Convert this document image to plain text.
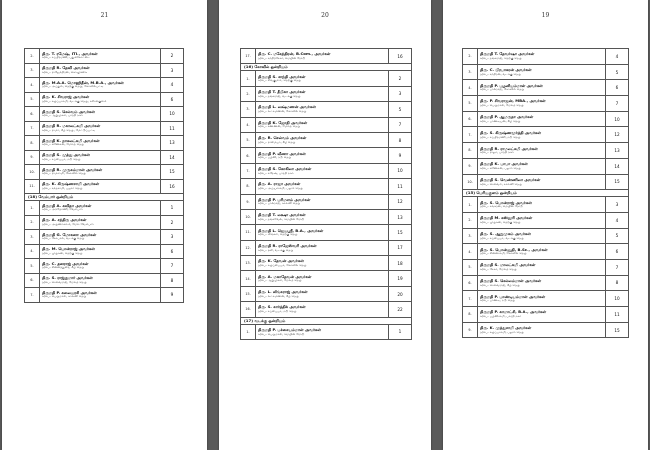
21
2.	திரு. T. ரமேஷ், ITI., அவர்கள்
க/பெ. சுப்பிரமணி, புதுக்கோட்டை	2
3.	திருமதி R. தேவி அவர்கள்
க/பெ. ராஜேந்திரன், கொழுக்கை	3
4.	திரு. M.A.A. மொஹிதீன், M.B.A., அவர்கள்
த/பெ. அப்துல், தெற்கு தெரு, கோவில்பட்டி	4
5.	திரு. K. சிவராஜ் அவர்கள்
த/பெ. கருப்பசாமி, வடக்கு தெரு, கரிசல்குளம்	6
6.	திருமதி S. செல்வம் அவர்கள்
க/பெ. ஆறுமுகம், பாரதி நகர்	10
7.	திருமதி R. மகாலட்சுமி அவர்கள்
க/பெ. ராமர், கீழ தெரு, மேட்டுப்பட்டி	11
8.	திருமதி K. நாகலட்சுமி அவர்கள்
க/பெ. கணேசன், மேலத் தெரு	13
9.	திருமதி S. முத்து அவர்கள்
க/பெ. சுப்பையா, நடு தெரு	14
10.	திருமதி R. முருகம்மாள் அவர்கள்
க/பெ. ராமசாமி, கோவில் தெரு	15
11.	திரு. K. கிருஷ்ணசாமி அவர்கள்
த/பெ. கந்தசாமி, பஜார் தெரு	16
(18) வேம்பார் ஒன்றியம்		
1.	திருமதி A. கவிதா அவர்கள்
க/பெ. அந்தோணி, வேம்பார்	1
2.	திரு. A. சந்திரு அவர்கள்
த/பெ. அருணாசலம், மேல வேம்பார்	2
3.	திருமதி G. மோகனா அவர்கள்
க/பெ. கோபால், வடக்கு தெரு	3
4.	திரு. M. பொன்ராஜ் அவர்கள்
த/பெ. முருகன், தெற்கு தெரு	6
5.	திரு. C. தனராஜ் அவர்கள்
த/பெ. சின்னத்துரை, கீழ தெரு	7
6.	திரு. S. ராஜ்குமார் அவர்கள்
த/பெ. செல்வராஜ், மேலத் தெரு	8
7.	திருமதி P. கலையரசி அவர்கள்
க/பெ. பெருமாள், காலனி தெரு	9
20
17.	திரு. C. மகேந்திரன், B.Com., அவர்கள்
த/பெ. சந்திரசேகர், மெயின் ரோடு	16
(16) கோவில் ஒன்றியம்		
1.	திருமதி S. சாந்தி அவர்கள்
க/பெ. சிவகுமார், தெற்கு தெரு	2
2.	திருமதி T. தீபிகா அவர்கள்
க/பெ. தங்கராஜ், வடக்கு தெரு	3
3.	திருமதி L. லக்ஷ்மணன் அவர்கள்
த/பெ. லட்சுமணன், கோவில் தெரு	5
4.	திருமதி K. ஜோதி அவர்கள்
க/பெ. கண்ணன், மேலத் தெரு	7
5.	திரு. R. செல்வம் அவர்கள்
த/பெ. ராமையா, கீழ தெரு	8
6.	திருமதி P. வீணா அவர்கள்
க/பெ. பழனி, நடு தெரு	9
7.	திருமதி S. கோகிலா அவர்கள்
க/பெ. சுரேஷ், பாரதி நகர்	10
8.	திரு. A. ராஜா அவர்கள்
த/பெ. அய்யாசாமி, பஜார் தெரு	11
9.	திருமதி P. பரிமளம் அவர்கள்
க/பெ. பால்ராஜ், காலனி தெரு	12
10.	திருமதி T. லக்ஷா அவர்கள்
க/பெ. தங்கவேல், மெயின் ரோடு	13
11.	திருமதி L. ஜெயஸ்ரீ, B.A., அவர்கள்
க/பெ. லிங்கம், தெற்கு தெரு	15
12.	திருமதி R. ராஜேஸ்வரி அவர்கள்
க/பெ. ரவி, வடக்கு தெரு	17
13.	திரு. K. தேவன் அவர்கள்
த/பெ. கருப்பையா, கோவில் தெரு	18
14.	திரு. A. மகாதேவன் அவர்கள்
த/பெ. ஆறுமுகம், மேலத் தெரு	19
15.	திரு. L. லிங்கராஜ் அவர்கள்
த/பெ. லட்சுமணன், கீழ தெரு	20
16.	திரு. S. கார்த்திக் அவர்கள்
த/பெ. சுப்பையா, நடு தெரு	22
(17) வடக்கு ஒன்றியம்		
1.	திருமதி P. பச்சையம்மாள் அவர்கள்
க/பெ. பெருமாள், மெயின் ரோடு	1
19
2.	திருமதி T. தேவர்ஷா அவர்கள்
க/பெ. தங்கராஜ், தெற்கு தெரு	4
3.	திரு. C. பிரபாகரன் அவர்கள்
த/பெ. சந்திரன், வடக்கு தெரு	5
4.	திருமதி P. பழனியம்மாள் அவர்கள்
க/பெ. பால்ராஜ், கோவில் தெரு	6
5.	திரு. P. சிவராஜன், MBA., அவர்கள்
த/பெ. பெருமாள், மேலத் தெரு	7
6.	திருமதி P. ஆமருதா அவர்கள்
க/பெ. பாண்டியன், கீழ தெரு	10
7.	திரு. S. கிருஷ்ணமூர்த்தி அவர்கள்
த/பெ. சுப்பிரமணி, நடு தெரு	12
8.	திருமதி R. ராமலட்சுமி அவர்கள்
க/பெ. ராஜா, பாரதி நகர்	13
9.	திருமதி K. பாபா அவர்கள்
க/பெ. கணேசன், பஜார் தெரு	14
10.	திருமதி S. வெண்ணிலா அவர்கள்
க/பெ. செல்வம், காலனி தெரு	15
(15) பெரியகுளம் ஒன்றியம்		
1.	திரு. S. பொன்ராஜ் அவர்கள்
த/பெ. சங்கரன், மெயின் ரோடு	3
2.	திருமதி M. கஸ்தூரி அவர்கள்
க/பெ. முருகன், தெற்கு தெரு	4
3.	திரு. S. ஆறுமுகம் அவர்கள்
த/பெ. சுப்பையா, வடக்கு தெரு	5
4.	திரு. S. பொன்னுதி, B.Sc., அவர்கள்
த/பெ. சின்னசாமி, கோவில் தெரு	6
5.	திருமதி S. மாலட்சுமி அவர்கள்
க/பெ. சேகர், மேலத் தெரு	7
6.	திருமதி S. செல்லம்மாள் அவர்கள்
க/பெ. செல்வராஜ், கீழ தெரு	8
7.	திருமதி P. பாண்டியம்மாள் அவர்கள்
க/பெ. பாண்டி, நடு தெரு	10
8.	திருமதி P. காமாட்சி, B.A., அவர்கள்
க/பெ. பழனிசாமி, பாரதி நகர்	11
9.	திரு. K. முத்துசாமி அவர்கள்
த/பெ. கருப்பசாமி, பஜார் தெரு	15
